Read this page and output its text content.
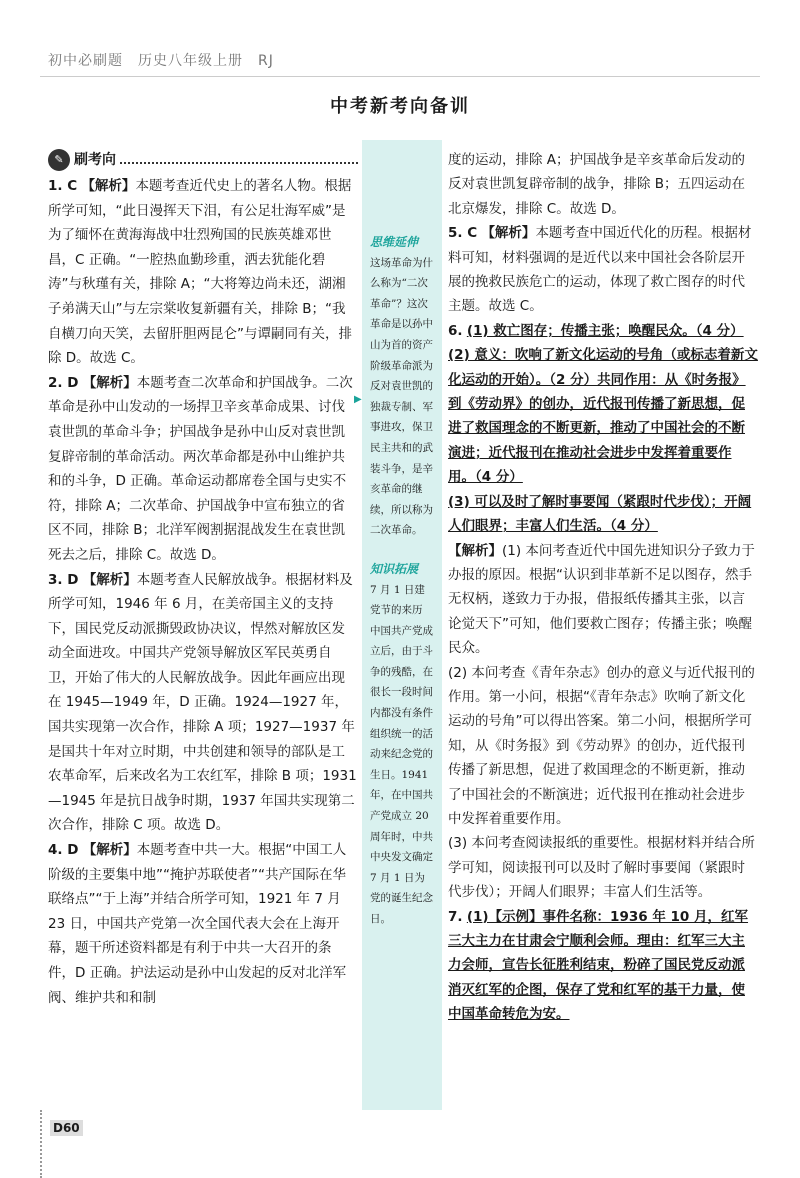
初中必刷题　历史八年级上册　RJ
中考新考向备训
✎ 刷考向
1. C 【解析】本题考查近代史上的著名人物。根据所学可知，“此日漫挥天下泪，有公足壮海军威”是为了缅怀在黄海海战中壮烈殉国的民族英雄邓世昌，C 正确。“一腔热血勤珍重，洒去犹能化碧涛”与秋瑾有关，排除 A；“大将筹边尚未还，湖湘子弟满天山”与左宗棠收复新疆有关，排除 B；“我自横刀向天笑，去留肝胆两昆仑”与谭嗣同有关，排除 D。故选 C。
2. D 【解析】本题考查二次革命和护国战争。二次革命是孙中山发动的一场捍卫辛亥革命成果、讨伐袁世凯的革命斗争；护国战争是孙中山反对袁世凯复辟帝制的革命活动。两次革命都是孙中山维护共和的斗争，D 正确。革命运动都席卷全国与史实不符，排除 A；二次革命、护国战争中宣布独立的省区不同，排除 B；北洋军阀割据混战发生在袁世凯死去之后，排除 C。故选 D。
3. D 【解析】本题考查人民解放战争。根据材料及所学可知，1946 年 6 月，在美帝国主义的支持下，国民党反动派撕毁政协决议，悍然对解放区发动全面进攻。中国共产党领导解放区军民英勇自卫，开始了伟大的人民解放战争。因此年画应出现在 1945—1949 年，D 正确。1924—1927 年，国共实现第一次合作，排除 A 项；1927—1937 年是国共十年对立时期，中共创建和领导的部队是工农革命军，后来改名为工农红军，排除 B 项；1931—1945 年是抗日战争时期，1937 年国共实现第二次合作，排除 C 项。故选 D。
4. D 【解析】本题考查中共一大。根据“中国工人阶级的主要集中地”“掩护苏联使者”“共产国际在华联络点”“于上海”并结合所学可知，1921 年 7 月 23 日，中国共产党第一次全国代表大会在上海开幕，题干所述资料都是有利于中共一大召开的条件，D 正确。护法运动是孙中山发起的反对北洋军阀、维护共和和制
▶
思维延伸
这场革命为什么称为“二次革命”？这次革命是以孙中山为首的资产阶级革命派为反对袁世凯的独裁专制、军事进攻，保卫民主共和的武装斗争，是辛亥革命的继续，所以称为二次革命。
知识拓展
7 月 1 日建党节的来历　中国共产党成立后，由于斗争的残酷，在很长一段时间内都没有条件组织统一的活动来纪念党的生日。1941 年，在中国共产党成立 20 周年时，中共中央发文确定 7 月 1 日为党的诞生纪念日。
度的运动，排除 A；护国战争是辛亥革命后发动的反对袁世凯复辟帝制的战争，排除 B；五四运动在北京爆发，排除 C。故选 D。
5. C 【解析】本题考查中国近代化的历程。根据材料可知，材料强调的是近代以来中国社会各阶层开展的挽救民族危亡的运动，体现了救亡图存的时代主题。故选 C。
6. (1) 救亡图存；传播主张；唤醒民众。（4 分）
(2) 意义：吹响了新文化运动的号角（或标志着新文化运动的开始）。（2 分）共同作用：从《时务报》到《劳动界》的创办，近代报刊传播了新思想，促进了救国理念的不断更新，推动了中国社会的不断演进；近代报刊在推动社会进步中发挥着重要作用。（4 分）
(3) 可以及时了解时事要闻（紧跟时代步伐）；开阔人们眼界；丰富人们生活。（4 分）
【解析】(1) 本问考查近代中国先进知识分子致力于办报的原因。根据“认识到非革新不足以图存，然手无权柄，遂致力于办报，借报纸传播其主张，以言论觉天下”可知，他们要救亡图存；传播主张；唤醒民众。
(2) 本问考查《青年杂志》创办的意义与近代报刊的作用。第一小问，根据“《青年杂志》吹响了新文化运动的号角”可以得出答案。第二小问，根据所学可知，从《时务报》到《劳动界》的创办，近代报刊传播了新思想，促进了救国理念的不断更新，推动了中国社会的不断演进；近代报刊在推动社会进步中发挥着重要作用。
(3) 本问考查阅读报纸的重要性。根据材料并结合所学可知，阅读报刊可以及时了解时事要闻（紧跟时代步伐）；开阔人们眼界；丰富人们生活等。
7. (1)【示例】事件名称：1936 年 10 月，红军三大主力在甘肃会宁顺利会师。理由：红军三大主力会师，宣告长征胜利结束，粉碎了国民党反动派消灭红军的企图，保存了党和红军的基干力量，使中国革命转危为安。
D60
